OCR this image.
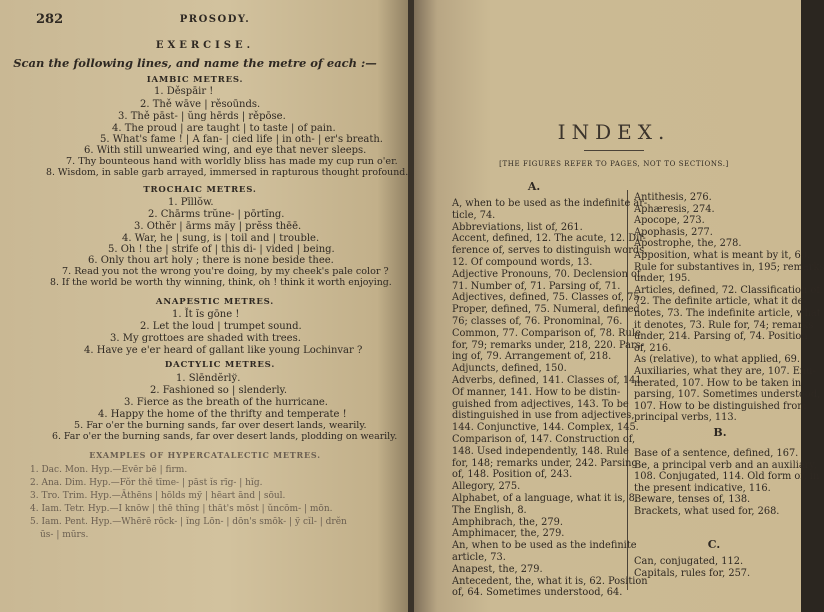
282	PROSODY.
EXERCISE.
Scan the following lines, and name the metre of each :—
IAMBIC METRES.
1. Děspāir !
2. Thě wāve | rěsoūnds.
3. Thě pāst- | ŭng hērds | rěpōse.
4. The proud | are taught | to taste | of pain.
5. What's fame ! | A fan- | cied life | in oth- | er's breath.
6. With still unwearied wing, and eye that never sleeps.
7. Thy bounteous hand with worldly bliss has made my cup run o'er.
8. Wisdom, in sable garb arrayed, immersed in rapturous thought profound.
TROCHAIC METRES.
1. Pīllŏw.
2. Chārms trŭne- | pōrtĭng.
3. Othĕr | ārms măy | prĕss thēē.
4. War, he | sung, is | toil and | trouble.
5. Oh ! the | strife of | this di- | vided | being.
6. Only thou art holy ; there is none beside thee.
7. Read you not the wrong you're doing, by my cheek's pale color ?
8. If the world be worth thy winning, think, oh ! think it worth enjoying.
ANAPESTIC METRES.
1. Ĭt ĭs gōne !
2. Let the loud | trumpet sound.
3. My grottoes are shaded with trees.
4. Have ye e'er heard of gallant like young Lochinvar ?
DACTYLIC METRES.
1. Slēndĕrlў.
2. Fashioned so | slenderly.
3. Fierce as the breath of the hurricane.
4. Happy the home of the thrifty and temperate !
5. Far o'er the burning sands, far over desert lands, wearily.
6. Far o'er the burning sands, far over desert lands, plodding on wearily.
EXAMPLES OF HYPERCATALECTIC METRES.
1. Dac. Mon. Hyp.—Evēr bē | firm.
2. Ana. Dim. Hyp.—Fŏr thĕ tīme- | pāst ĭs rīg- | hĭg.
3. Tro. Trim. Hyp.—Āthēns | hōlds mў | hēart ānd | sōul.
4. Iam. Tetr. Hyp.—I knōw | thē thīng | thāt's mōst | ŭncōm- | mōn.
5. Iam. Pent. Hyp.—Whērē rōck- | ĭng Lōn- | dōn's smōk- | ў cĭl- | drĕn
ūs- | mūrs.
INDEX.
[THE FIGURES REFER TO PAGES, NOT TO SECTIONS.]
A.
A, when to be used as the indefinite ar-
ticle, 74.
Abbreviations, list of, 261.
Accent, defined, 12. The acute, 12. Dif-
ference of, serves to distinguish words,
12. Of compound words, 13.
Adjective Pronouns, 70. Declension of,
71. Number of, 71. Parsing of, 71.
Adjectives, defined, 75. Classes of, 75.
Proper, defined, 75. Numeral, defined,
76; classes of, 76. Pronominal, 76.
Common, 77. Comparison of, 78. Rule
for, 79; remarks under, 218, 220. Pars-
ing of, 79. Arrangement of, 218.
Adjuncts, defined, 150.
Adverbs, defined, 141. Classes of, 141.
Of manner, 141. How to be distin-
guished from adjectives, 143. To be
distinguished in use from adjectives,
144. Conjunctive, 144. Complex, 145.
Comparison of, 147. Construction of,
148. Used independently, 148. Rule
for, 148; remarks under, 242. Parsing
of, 148. Position of, 243.
Allegory, 275.
Alphabet, of a language, what it is, 8.
The English, 8.
Amphibrach, the, 279.
Amphimacer, the, 279.
An, when to be used as the indefinite
article, 73.
Anapest, the, 279.
Antecedent, the, what it is, 62. Position
of, 64. Sometimes understood, 64.
Antithesis, 276.
Aphæresis, 274.
Apocope, 273.
Apophasis, 277.
Apostrophe, the, 278.
Apposition, what is meant by it, 60.
Rule for substantives in, 195; remarks
under, 195.
Articles, defined, 72. Classification of,
72. The definite article, what it de-
notes, 73. The indefinite article, what
it denotes, 73. Rule for, 74; remarks
under, 214. Parsing of, 74. Position
of, 216.
As (relative), to what applied, 69.
Auxiliaries, what they are, 107. Enu-
merated, 107. How to be taken in
parsing, 107. Sometimes understood,
107. How to be distinguished from
principal verbs, 113.
B.
Base of a sentence, defined, 167.
Be, a principal verb and an auxiliary,
108. Conjugated, 114. Old form of, in
the present indicative, 116.
Beware, tenses of, 138.
Brackets, what used for, 268.
C.
Can, conjugated, 112.
Capitals, rules for, 257.
